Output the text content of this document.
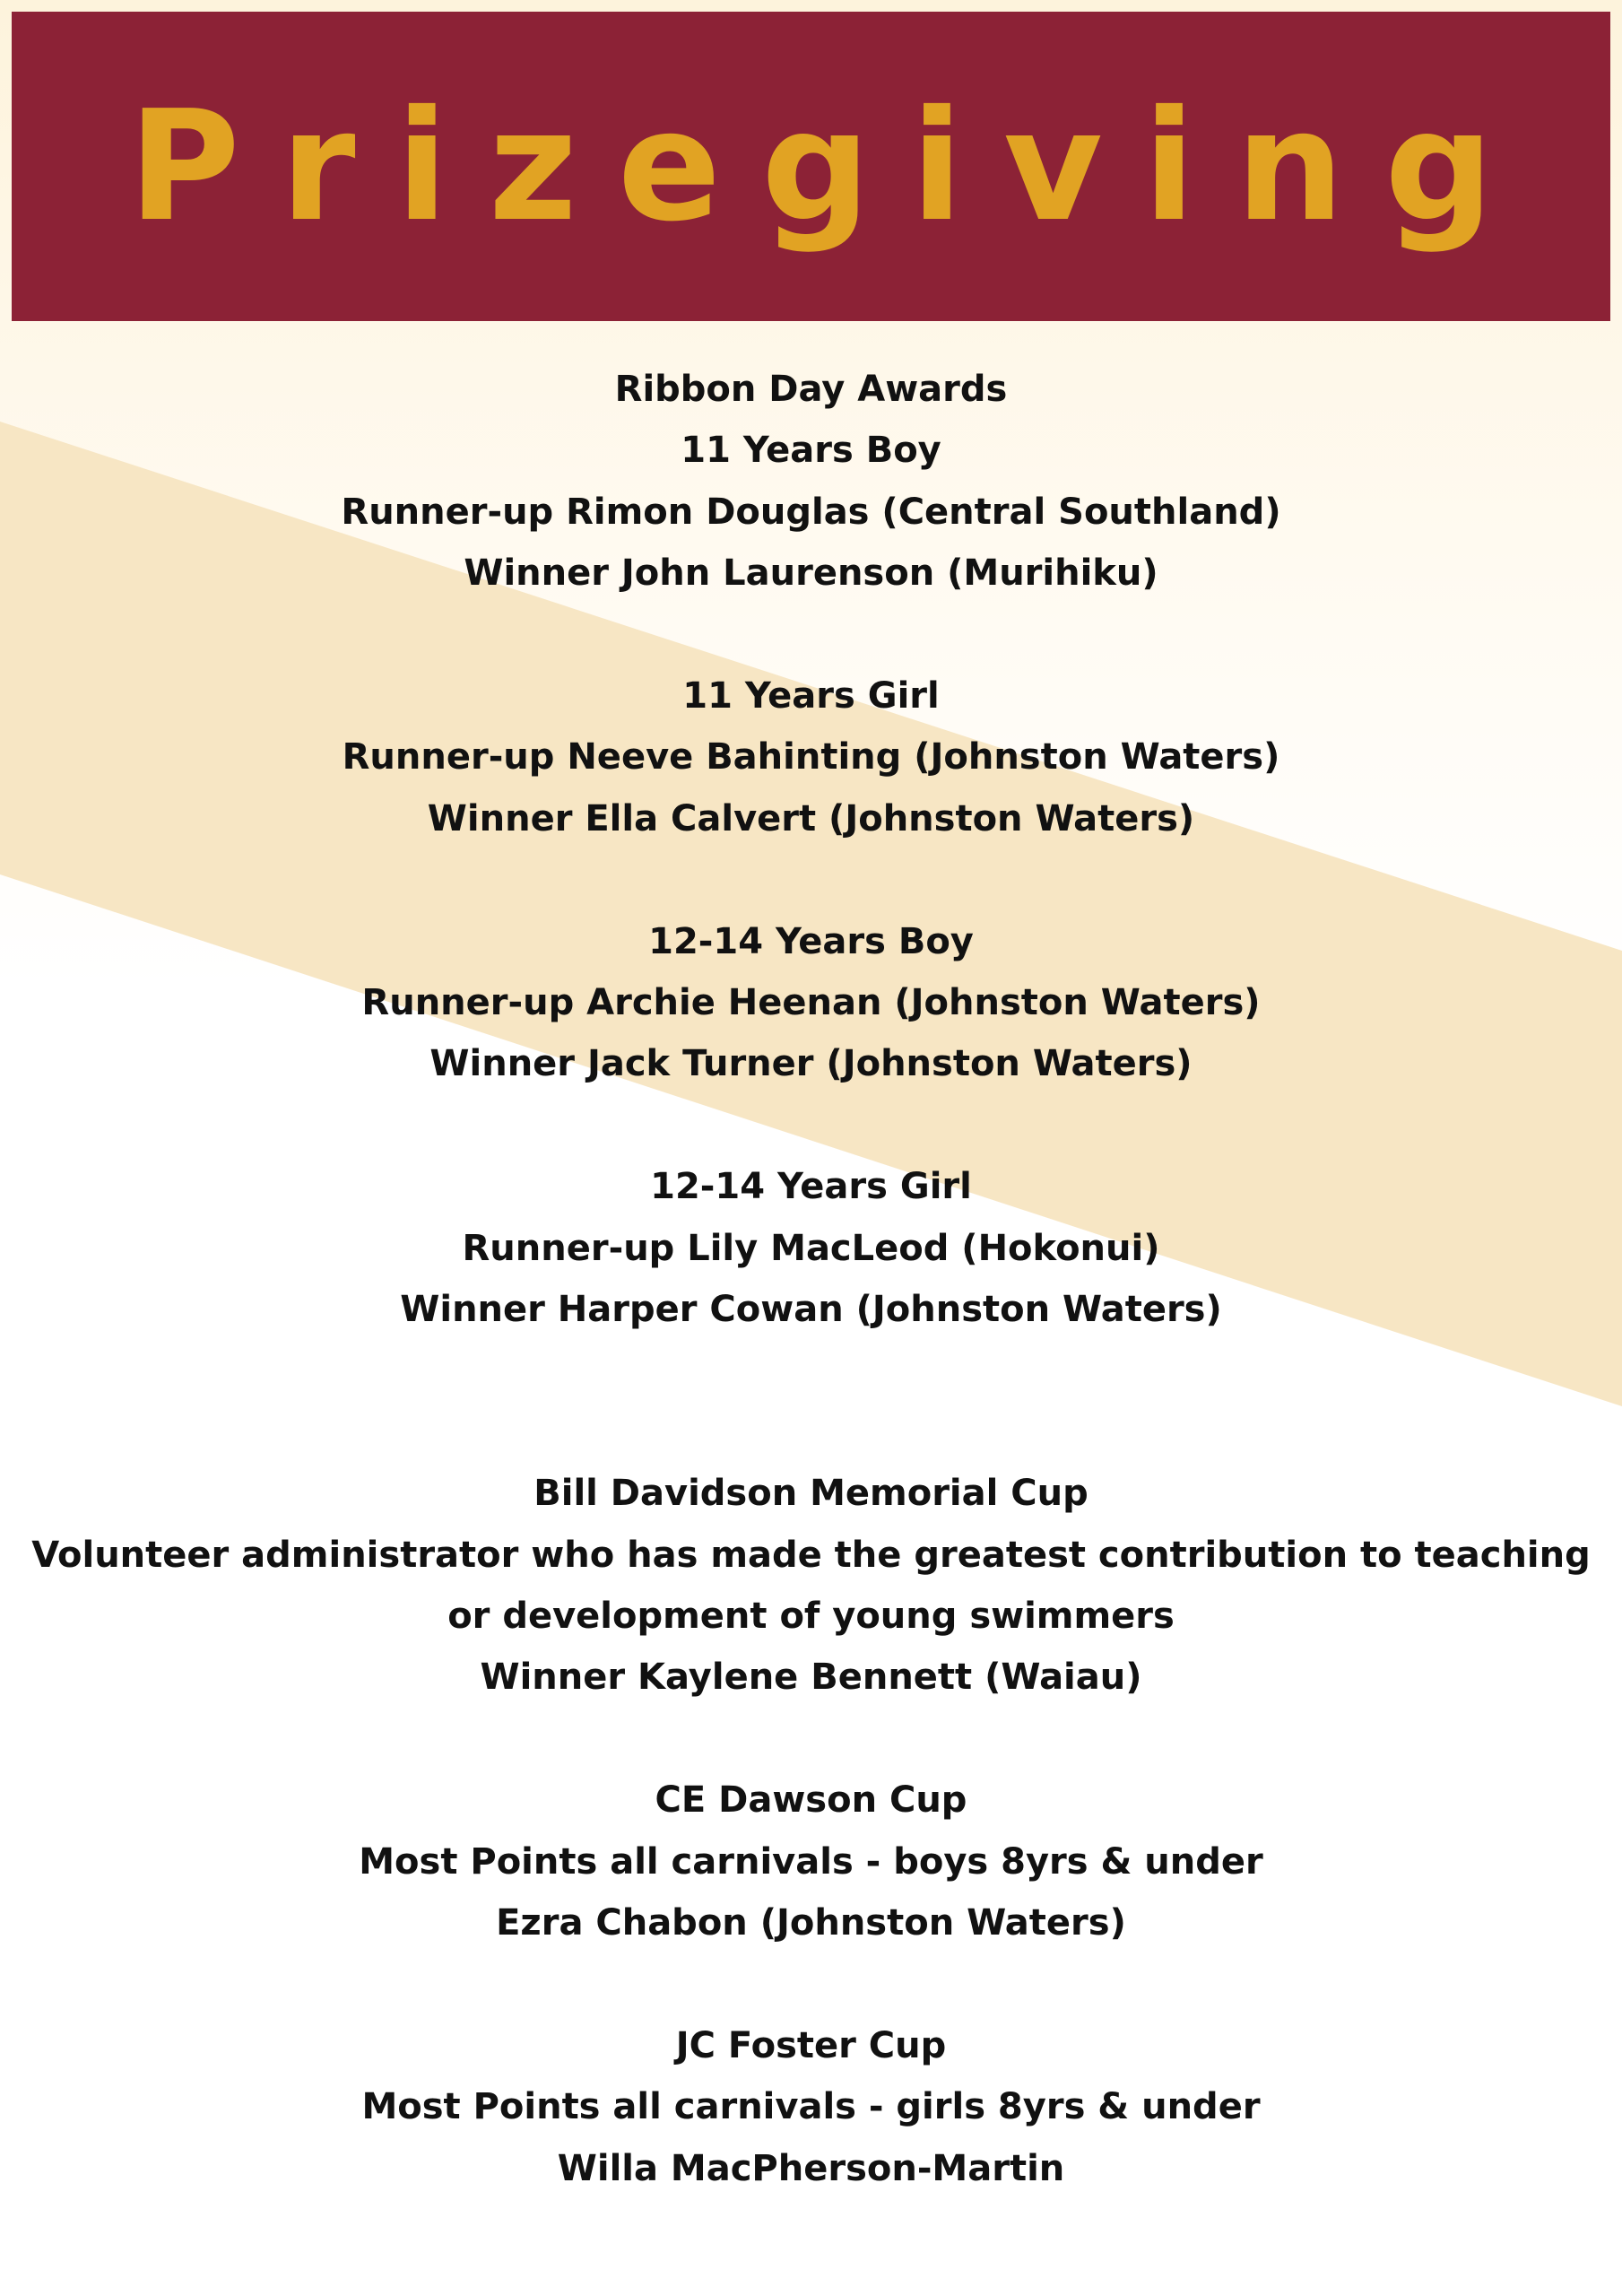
Prizegiving

Ribbon Day Awards

11 Years Boy

Runner-up Rimon Douglas (Central Southland)

Winner John Laurenson (Murihiku)

11 Years Girl

Runner-up Neeve Bahinting (Johnston Waters)

Winner Ella Calvert (Johnston Waters)

12-14 Years Boy

Runner-up Archie Heenan (Johnston Waters)

Winner Jack Turner (Johnston Waters)

12-14 Years Girl

Runner-up Lily MacLeod (Hokonui)

Winner Harper Cowan (Johnston Waters)

Bill Davidson Memorial Cup

Volunteer administrator who has made the greatest contribution to teaching or development of young swimmers

Winner Kaylene Bennett (Waiau)

CE Dawson Cup

Most Points all carnivals - boys 8yrs & under

Ezra Chabon (Johnston Waters)

JC Foster Cup

Most Points all carnivals - girls 8yrs & under

Willa MacPherson-Martin
